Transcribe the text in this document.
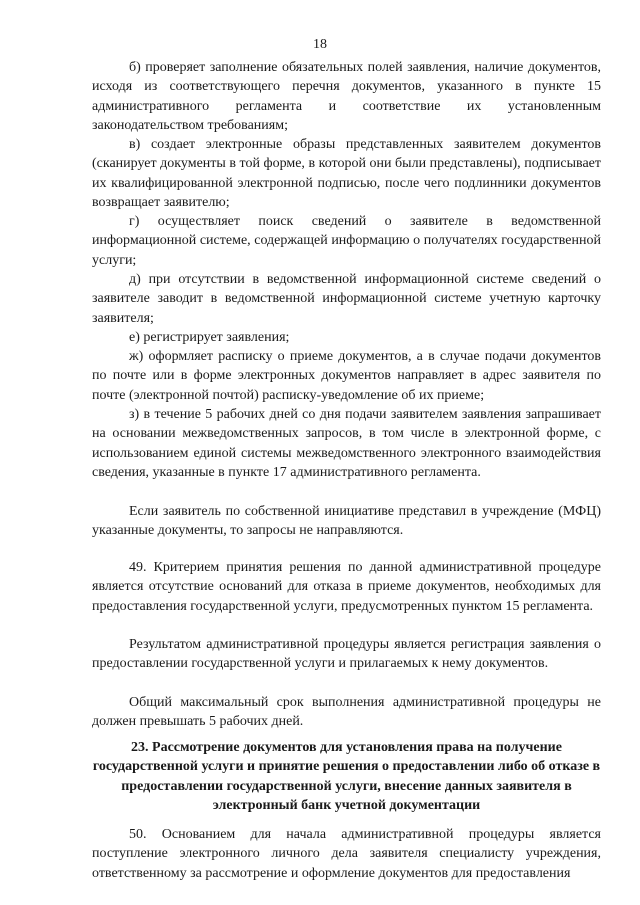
18

б) проверяет заполнение обязательных полей заявления, наличие документов, исходя из соответствующего перечня документов, указанного в пункте 15 административного регламента и соответствие их установленным законодательством требованиям;

в) создает электронные образы представленных заявителем документов (сканирует документы в той форме, в которой они были представлены), подписывает их квалифицированной электронной подписью, после чего подлинники документов возвращает заявителю;

г) осуществляет поиск сведений о заявителе в ведомственной информационной системе, содержащей информацию о получателях государственной услуги;

д) при отсутствии в ведомственной информационной системе сведений о заявителе заводит в ведомственной информационной системе учетную карточку заявителя;

е) регистрирует заявления;

ж) оформляет расписку о приеме документов, а в случае подачи документов по почте или в форме электронных документов направляет в адрес заявителя по почте (электронной почтой) расписку-уведомление об их приеме;

з) в течение 5 рабочих дней со дня подачи заявителем заявления запрашивает на основании межведомственных запросов, в том числе в электронной форме, с использованием единой системы межведомственного электронного взаимодействия сведения, указанные в пункте 17 административного регламента.

Если заявитель по собственной инициативе представил в учреждение (МФЦ) указанные документы, то запросы не направляются.

49. Критерием принятия решения по данной административной процедуре является отсутствие оснований для отказа в приеме документов, необходимых для предоставления государственной услуги, предусмотренных пунктом 15 регламента.

Результатом административной процедуры является регистрация заявления о предоставлении государственной услуги и прилагаемых к нему документов.

Общий максимальный срок выполнения административной процедуры не должен превышать 5 рабочих дней.

23. Рассмотрение документов для установления права на получение государственной услуги и принятие решения о предоставлении либо об отказе в предоставлении государственной услуги, внесение данных заявителя в электронный банк учетной документации

50. Основанием для начала административной процедуры является поступление электронного личного дела заявителя специалисту учреждения, ответственному за рассмотрение и оформление документов для предоставления
